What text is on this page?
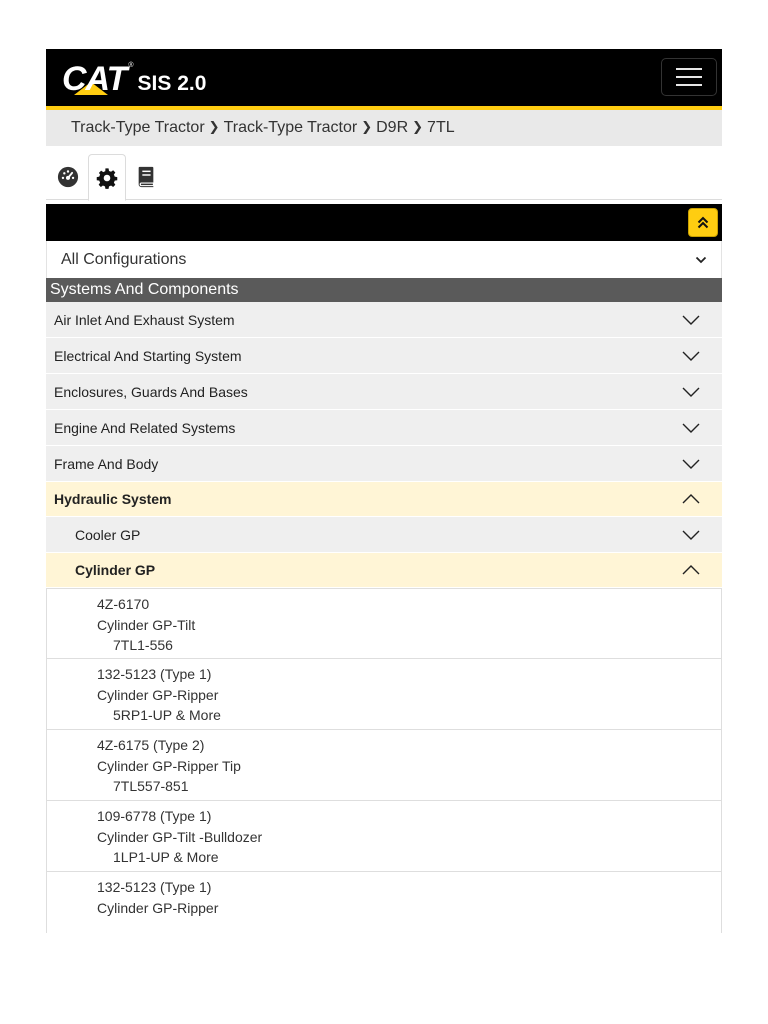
CAT ®
SIS 2.0
Track-Type Tractor ❯ Track-Type Tractor ❯ D9R ❯ 7TL
All Configurations
Systems And Components
Air Inlet And Exhaust System
Electrical And Starting System
Enclosures, Guards And Bases
Engine And Related Systems
Frame And Body
Hydraulic System
Cooler GP
Cylinder GP
4Z-6170
Cylinder GP-Tilt
7TL1-556
132-5123 (Type 1)
Cylinder GP-Ripper
5RP1-UP & More
4Z-6175 (Type 2)
Cylinder GP-Ripper Tip
7TL557-851
109-6778 (Type 1)
Cylinder GP-Tilt -Bulldozer
1LP1-UP & More
132-5123 (Type 1)
Cylinder GP-Ripper
